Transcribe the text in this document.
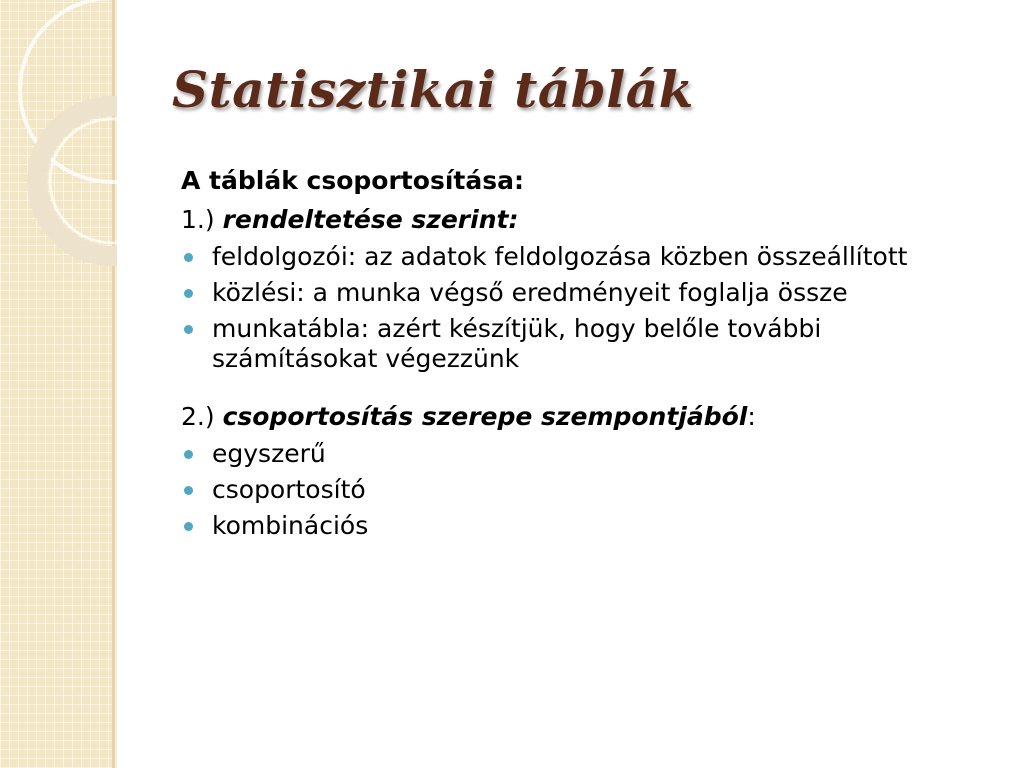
Statisztikai táblák

A táblák csoportosítása:

1.) rendeltetése szerint:

feldolgozói: az adatok feldolgozása közben összeállított
közlési: a munka végső eredményeit foglalja össze
munkatábla: azért készítjük, hogy belőle további számításokat végezzünk

2.) csoportosítás szerepe szempontjából:

egyszerű
csoportosító
kombinációs
